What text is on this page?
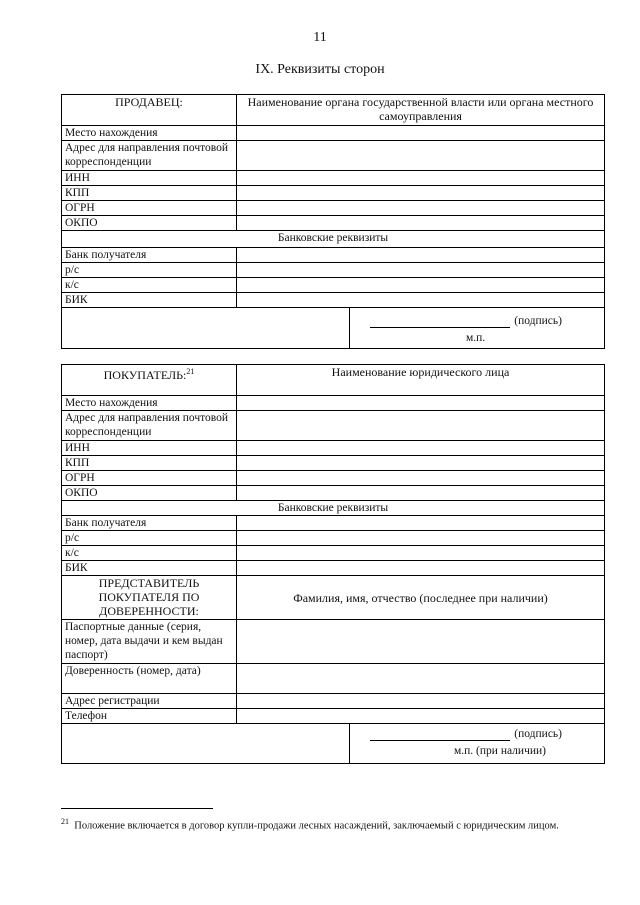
11
IX. Реквизиты сторон
ПРОДАВЕЦ:	Наименование органа государственной власти или органа местного самоуправления	
Место нахождения		
Адрес для направления почтовой корреспонденции		
ИНН		
КПП		
ОГРН		
ОКПО		
Банковские реквизиты		
Банк получателя		
р/с		
к/с		
БИК		

		(подпись)
м.п.
ПОКУПАТЕЛЬ:$^{21}$	Наименование юридического лица	
Место нахождения		
Адрес для направления почтовой корреспонденции		
ИНН		
КПП		
ОГРН		
ОКПО		
Банковские реквизиты		
Банк получателя		
р/с		
к/с		
БИК		
ПРЕДСТАВИТЕЛЬ ПОКУПАТЕЛЯ ПО ДОВЕРЕННОСТИ:	Фамилия, имя, отчество (последнее при наличии)	
Паспортные данные (серия, номер, дата выдачи и кем выдан паспорт)		
Доверенность (номер, дата)		
Адрес регистрации		
Телефон		

		(подпись)
м.п. (при наличии)
$^{21}$ Положение включается в договор купли-продажи лесных насаждений, заключаемый с юридическим лицом.
